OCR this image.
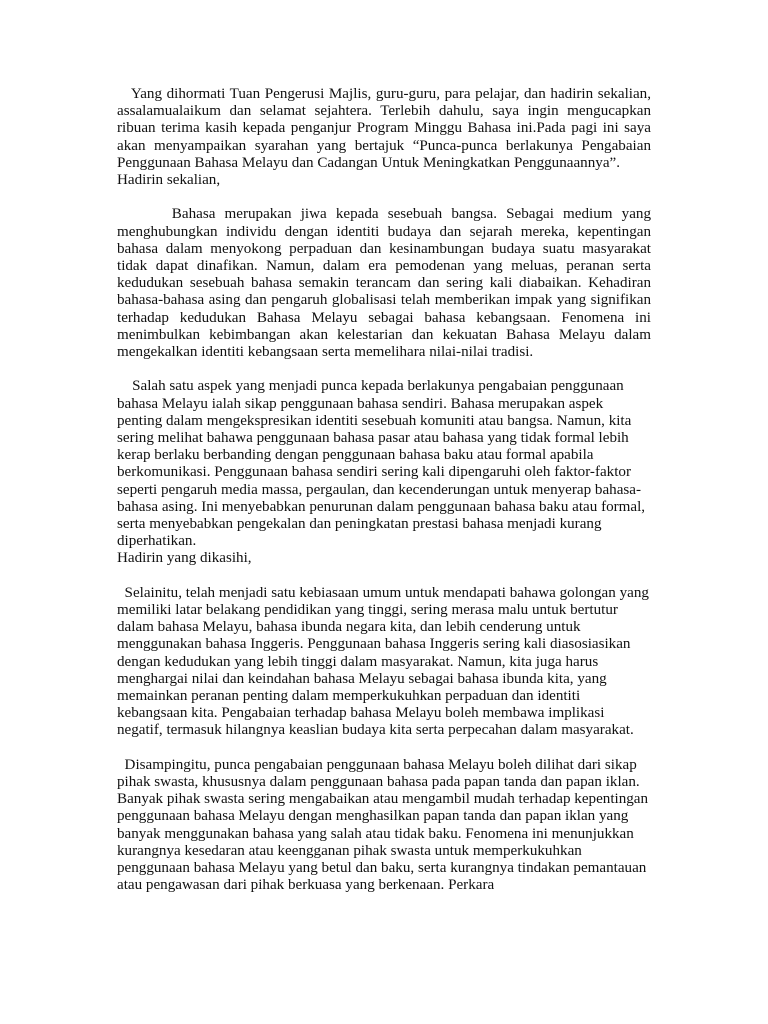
Yang dihormati Tuan Pengerusi Majlis, guru-guru, para pelajar, dan hadirin sekalian, assalamualaikum dan selamat sejahtera. Terlebih dahulu, saya ingin mengucapkan ribuan terima kasih kepada penganjur Program Minggu Bahasa ini.Pada pagi ini saya akan menyampaikan syarahan yang bertajuk “Punca-punca berlakunya Pengabaian Penggunaan Bahasa Melayu dan Cadangan Untuk Meningkatkan Penggunaannya”.

Hadirin sekalian,

Bahasa merupakan jiwa kepada sesebuah bangsa. Sebagai medium yang menghubungkan individu dengan identiti budaya dan sejarah mereka, kepentingan bahasa dalam menyokong perpaduan dan kesinambungan budaya suatu masyarakat tidak dapat dinafikan. Namun, dalam era pemodenan yang meluas, peranan serta kedudukan sesebuah bahasa semakin terancam dan sering kali diabaikan. Kehadiran bahasa-bahasa asing dan pengaruh globalisasi telah memberikan impak yang signifikan terhadap kedudukan Bahasa Melayu sebagai bahasa kebangsaan. Fenomena ini menimbulkan kebimbangan akan kelestarian dan kekuatan Bahasa Melayu dalam mengekalkan identiti kebangsaan serta memelihara nilai-nilai tradisi.

Salah satu aspek yang menjadi punca kepada berlakunya pengabaian penggunaan bahasa Melayu ialah sikap penggunaan bahasa sendiri. Bahasa merupakan aspek penting dalam mengekspresikan identiti sesebuah komuniti atau bangsa. Namun, kita sering melihat bahawa penggunaan bahasa pasar atau bahasa yang tidak formal lebih kerap berlaku berbanding dengan penggunaan bahasa baku atau formal apabila berkomunikasi. Penggunaan bahasa sendiri sering kali dipengaruhi oleh faktor-faktor seperti pengaruh media massa, pergaulan, dan kecenderungan untuk menyerap bahasa-bahasa asing. Ini menyebabkan penurunan dalam penggunaan bahasa baku atau formal, serta menyebabkan pengekalan dan peningkatan prestasi bahasa menjadi kurang diperhatikan.

Hadirin yang dikasihi,

Selainitu, telah menjadi satu kebiasaan umum untuk mendapati bahawa golongan yang memiliki latar belakang pendidikan yang tinggi, sering merasa malu untuk bertutur dalam bahasa Melayu, bahasa ibunda negara kita, dan lebih cenderung untuk menggunakan bahasa Inggeris. Penggunaan bahasa Inggeris sering kali diasosiasikan dengan kedudukan yang lebih tinggi dalam masyarakat. Namun, kita juga harus menghargai nilai dan keindahan bahasa Melayu sebagai bahasa ibunda kita, yang memainkan peranan penting dalam memperkukuhkan perpaduan dan identiti kebangsaan kita. Pengabaian terhadap bahasa Melayu boleh membawa implikasi negatif, termasuk hilangnya keaslian budaya kita serta perpecahan dalam masyarakat.

Disampingitu, punca pengabaian penggunaan bahasa Melayu boleh dilihat dari sikap pihak swasta, khususnya dalam penggunaan bahasa pada papan tanda dan papan iklan. Banyak pihak swasta sering mengabaikan atau mengambil mudah terhadap kepentingan penggunaan bahasa Melayu dengan menghasilkan papan tanda dan papan iklan yang banyak menggunakan bahasa yang salah atau tidak baku. Fenomena ini menunjukkan kurangnya kesedaran atau keengganan pihak swasta untuk memperkukuhkan penggunaan bahasa Melayu yang betul dan baku, serta kurangnya tindakan pemantauan atau pengawasan dari pihak berkuasa yang berkenaan. Perkara
